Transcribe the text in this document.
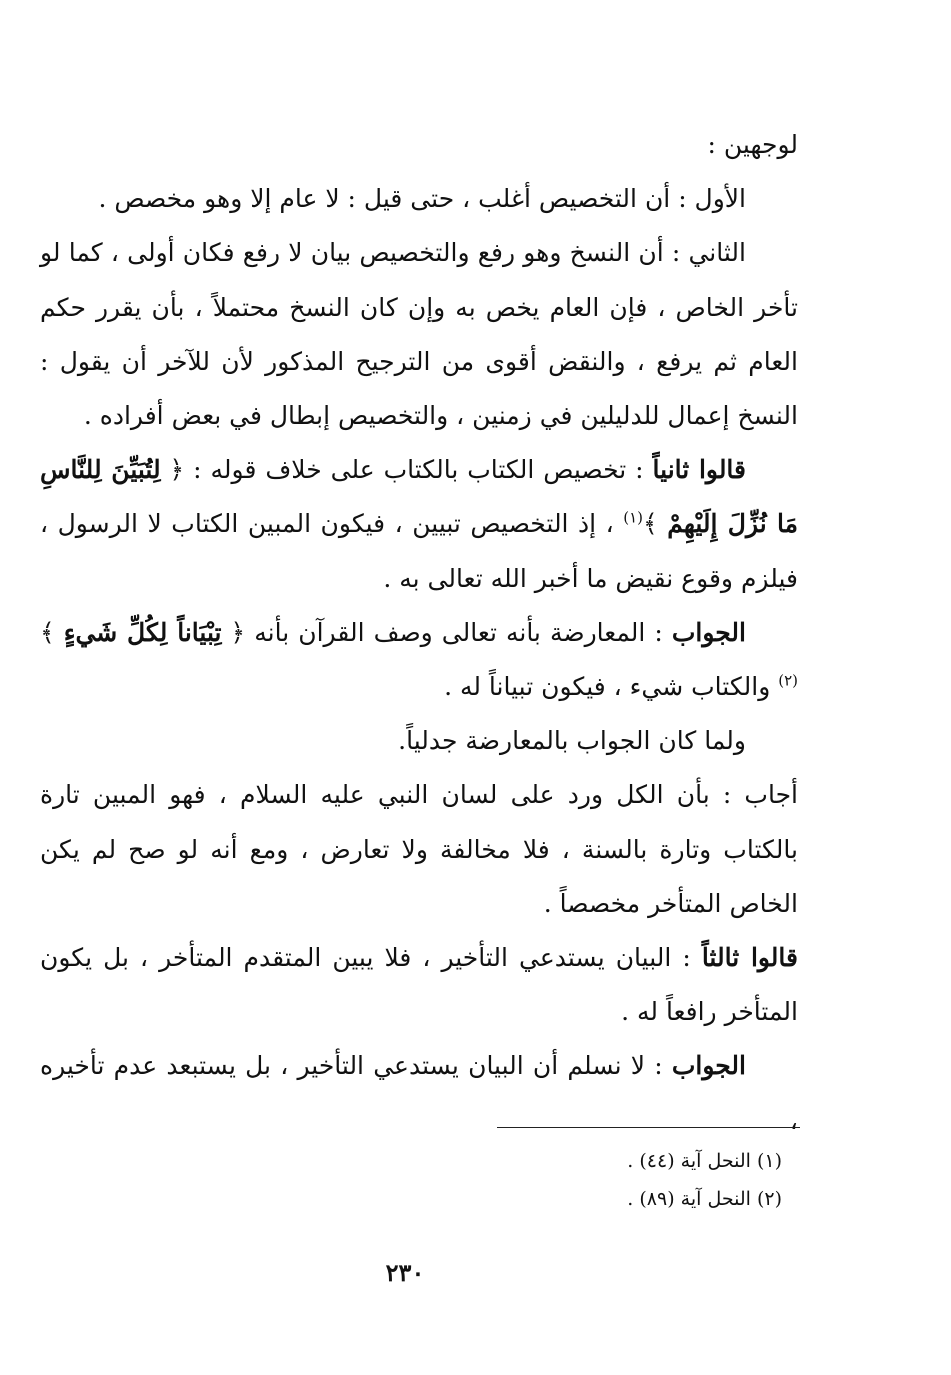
لوجهين :

الأول : أن التخصيص أغلب ، حتى قيل : لا عام إلا وهو مخصص .

الثاني : أن النسخ وهو رفع والتخصيص بيان لا رفع فكان أولى ، كما لو تأخر الخاص ، فإن العام يخص به وإن كان النسخ محتملاً ، بأن يقرر حكم العام ثم يرفع ، والنقض أقوى من الترجيح المذكور لأن للآخر أن يقول : النسخ إعمال للدليلين في زمنين ، والتخصيص إبطال في بعض أفراده .

قالوا ثانياً : تخصيص الكتاب بالكتاب على خلاف قوله : ﴿ لِتُبَيِّنَ لِلنَّاسِ مَا نُزِّلَ إِلَيْهِمْ ﴾$^{(١)}$ ، إذ التخصيص تبيين ، فيكون المبين الكتاب لا الرسول ، فيلزم وقوع نقيض ما أخبر الله تعالى به .

الجواب : المعارضة بأنه تعالى وصف القرآن بأنه ﴿ تِبْيَاناً لِكُلِّ شَيءٍ ﴾$^{(٢)}$ والكتاب شيء ، فيكون تبياناً له .

ولما كان الجواب بالمعارضة جدلياً.

أجاب : بأن الكل ورد على لسان النبي عليه السلام ، فهو المبين تارة بالكتاب وتارة بالسنة ، فلا مخالفة ولا تعارض ، ومع أنه لو صح لم يكن الخاص المتأخر مخصصاً .

قالوا ثالثاً : البيان يستدعي التأخير ، فلا يبين المتقدم المتأخر ، بل يكون المتأخر رافعاً له .

الجواب : لا نسلم أن البيان يستدعي التأخير ، بل يستبعد عدم تأخيره ،

(١) النحل آية (٤٤) .
(٢) النحل آية (٨٩) .
٢٣٠
